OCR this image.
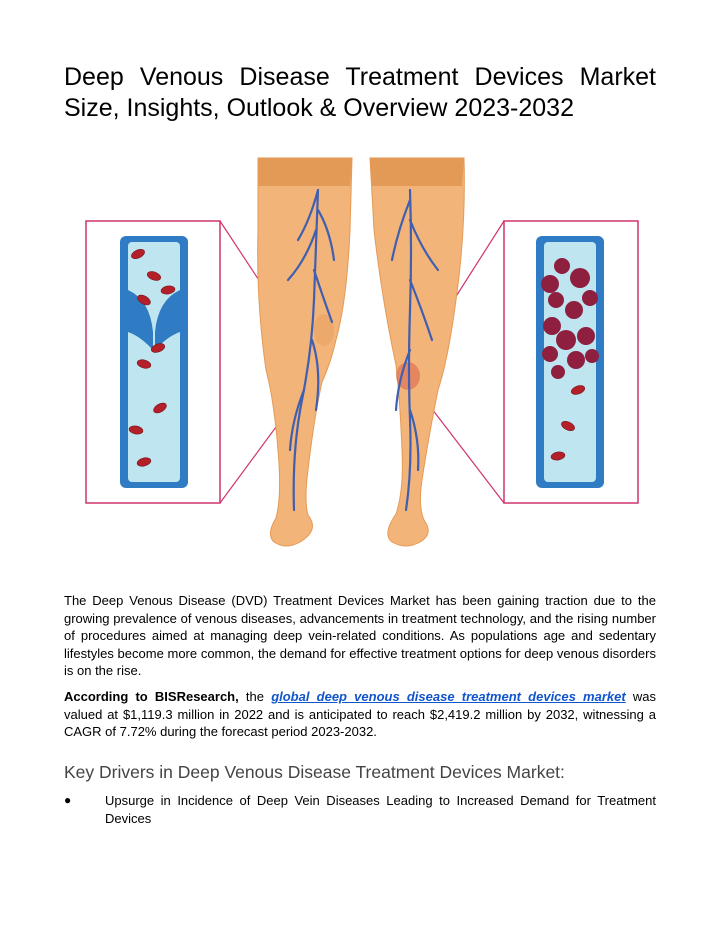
Deep Venous Disease Treatment Devices Market Size, Insights, Outlook & Overview 2023-2032

The Deep Venous Disease (DVD) Treatment Devices Market has been gaining traction due to the growing prevalence of venous diseases, advancements in treatment technology, and the rising number of procedures aimed at managing deep vein-related conditions. As populations age and sedentary lifestyles become more common, the demand for effective treatment options for deep venous disorders is on the rise.

According to BISResearch, the global deep venous disease treatment devices market was valued at $1,119.3 million in 2022 and is anticipated to reach $2,419.2 million by 2032, witnessing a CAGR of 7.72% during the forecast period 2023-2032.

Key Drivers in Deep Venous Disease Treatment Devices Market:
●	Upsurge in Incidence of Deep Vein Diseases Leading to Increased Demand for Treatment Devices
